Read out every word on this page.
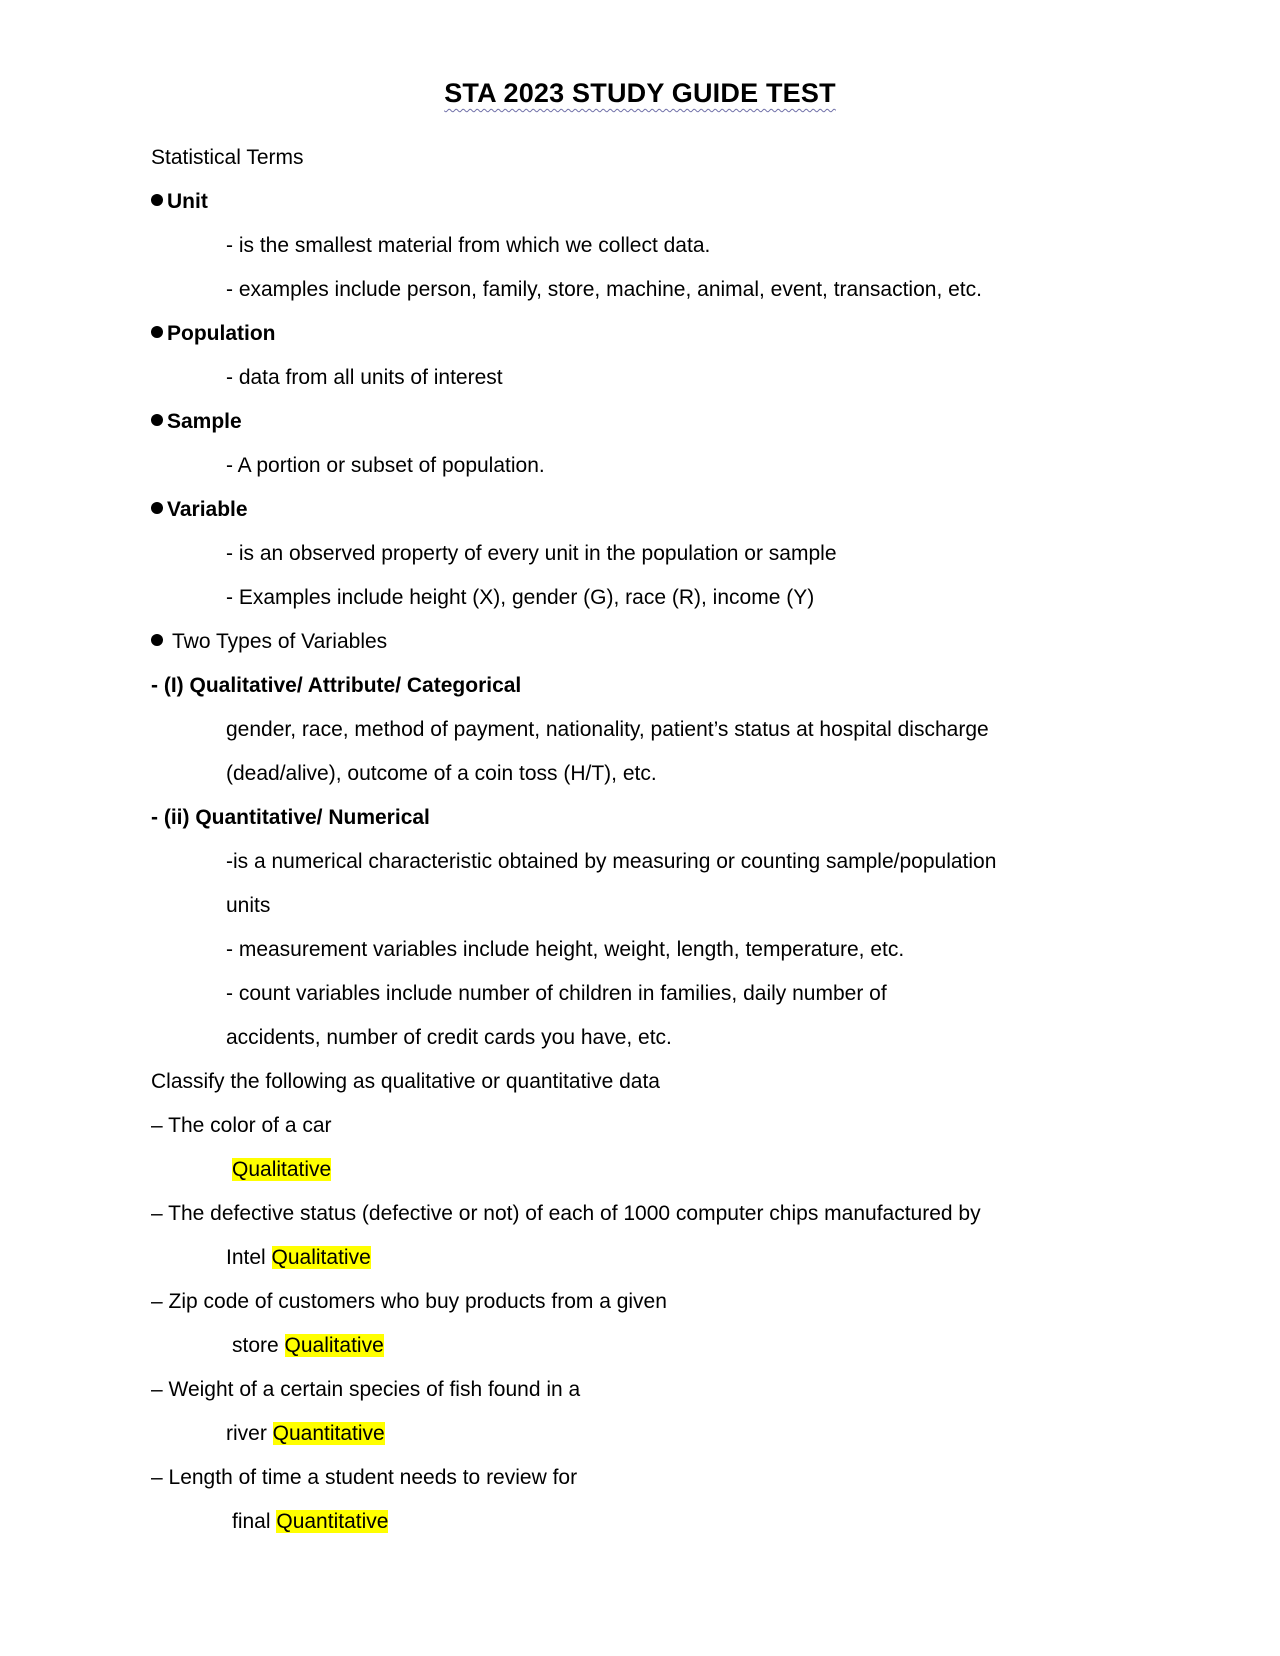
STA 2023 STUDY GUIDE TEST
Statistical Terms
Unit
- is the smallest material from which we collect data.
- examples include person, family, store, machine, animal, event, transaction, etc.
Population
- data from all units of interest
Sample
- A portion or subset of population.
Variable
- is an observed property of every unit in the population or sample
- Examples include height (X), gender (G), race (R), income (Y)
Two Types of Variables
- (I) Qualitative/ Attribute/ Categorical
gender, race, method of payment, nationality, patient’s status at hospital discharge
(dead/alive), outcome of a coin toss (H/T), etc.
- (ii) Quantitative/ Numerical
-is a numerical characteristic obtained by measuring or counting sample/population
units
- measurement variables include height, weight, length, temperature, etc.
- count variables include number of children in families, daily number of
accidents, number of credit cards you have, etc.
Classify the following as qualitative or quantitative data
– The color of a car
Qualitative
– The defective status (defective or not) of each of 1000 computer chips manufactured by
Intel Qualitative
– Zip code of customers who buy products from a given
store Qualitative
– Weight of a certain species of fish found in a
river Quantitative
– Length of time a student needs to review for
final Quantitative
